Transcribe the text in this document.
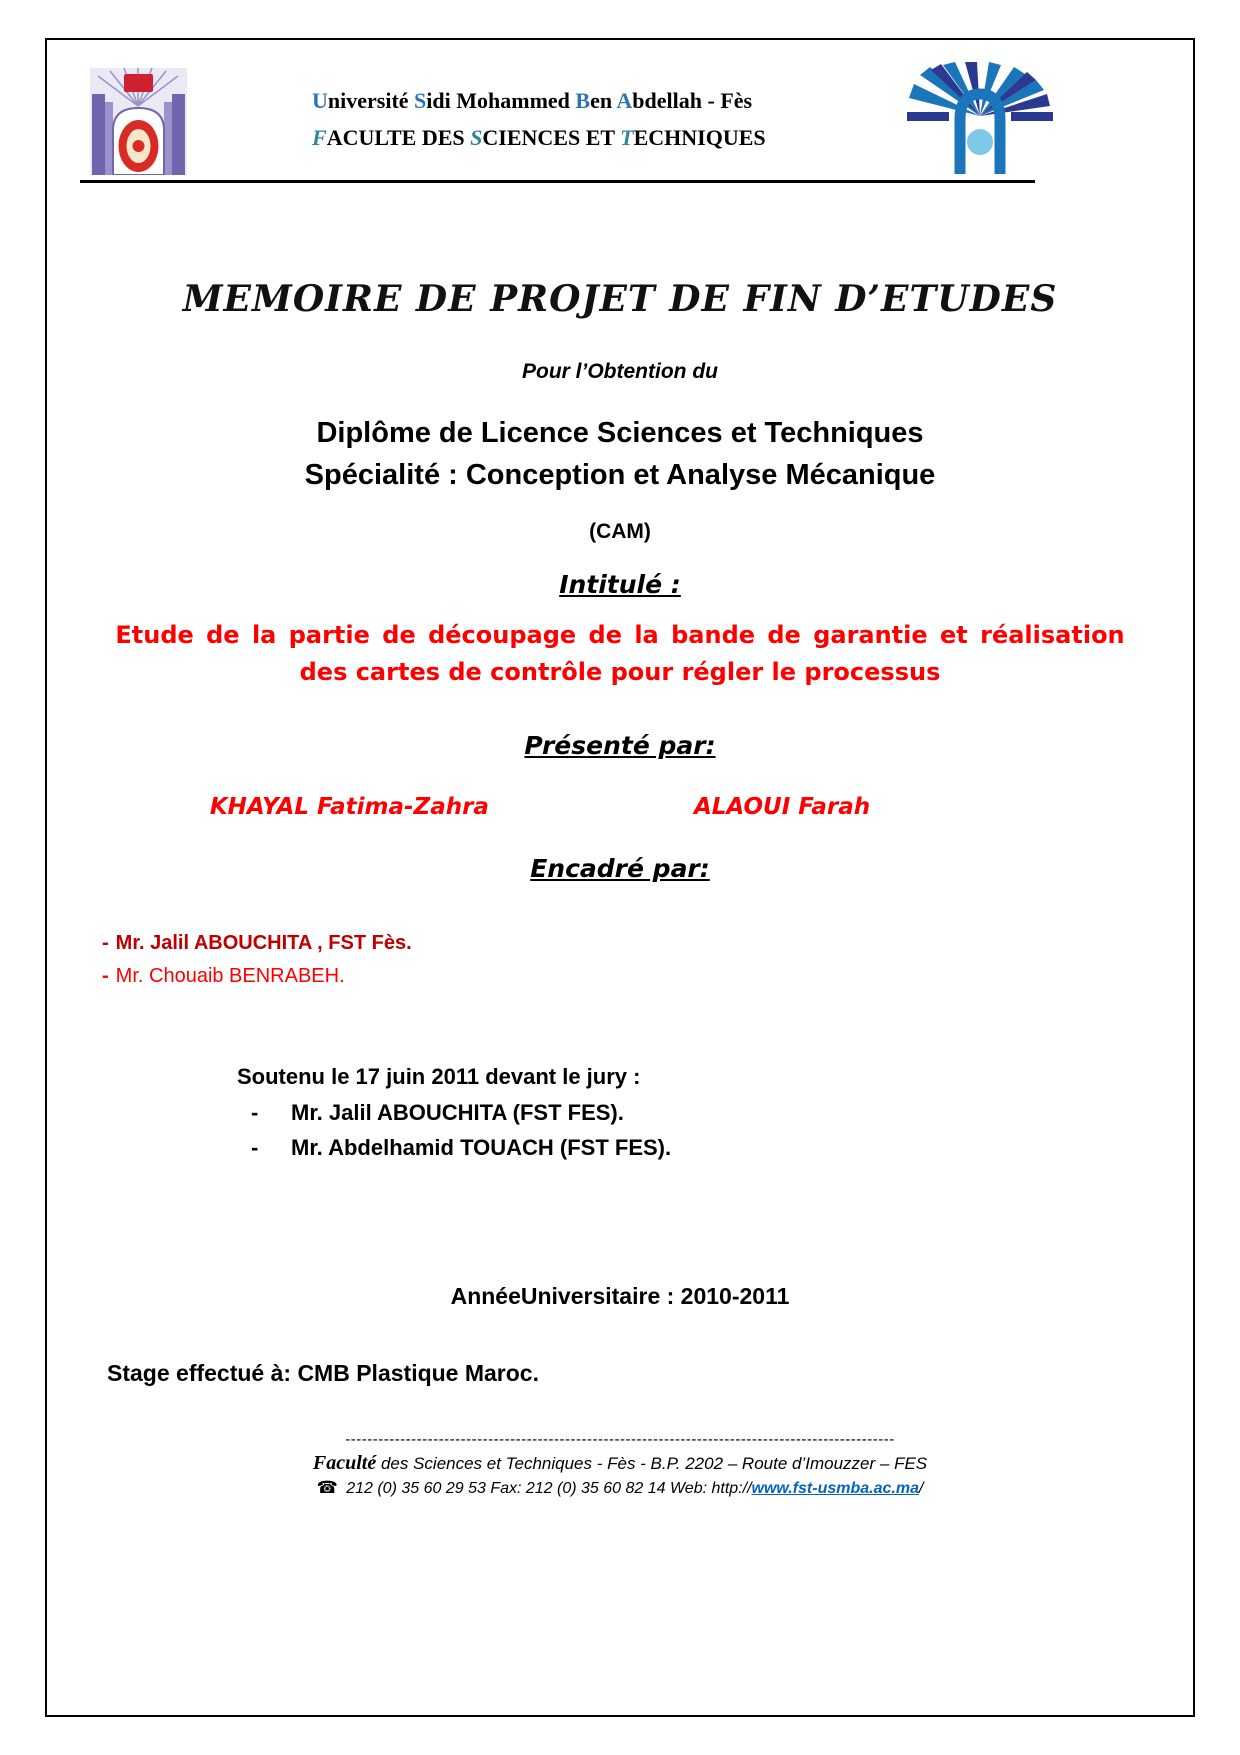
Université Sidi Mohammed Ben Abdellah - Fès
FACULTE DES SCIENCES ET TECHNIQUES
MEMOIRE DE PROJET DE FIN D’ETUDES
Pour l’Obtention du
Diplôme de Licence Sciences et Techniques
Spécialité : Conception et Analyse Mécanique
(CAM)
Intitulé :
Etude de la partie de découpage de la bande de garantie et réalisation
des cartes de contrôle pour régler le processus
Présenté par:
KHAYAL Fatima-Zahra	ALAOUI Farah
Encadré par:
- Mr. Jalil ABOUCHITA , FST Fès.
- Mr. Chouaib BENRABEH.
Soutenu le 17 juin 2011 devant le jury :
- Mr. Jalil ABOUCHITA (FST FES).
- Mr. Abdelhamid TOUACH (FST FES).
AnnéeUniversitaire : 2010-2011
Stage effectué à: CMB Plastique Maroc.
----------------------------------------------------------------------------------------------------
Faculté des Sciences et Techniques - Fès - B.P. 2202 – Route d’Imouzzer – FES
☎ 212 (0) 35 60 29 53 Fax: 212 (0) 35 60 82 14 Web: http://www.fst-usmba.ac.ma/
